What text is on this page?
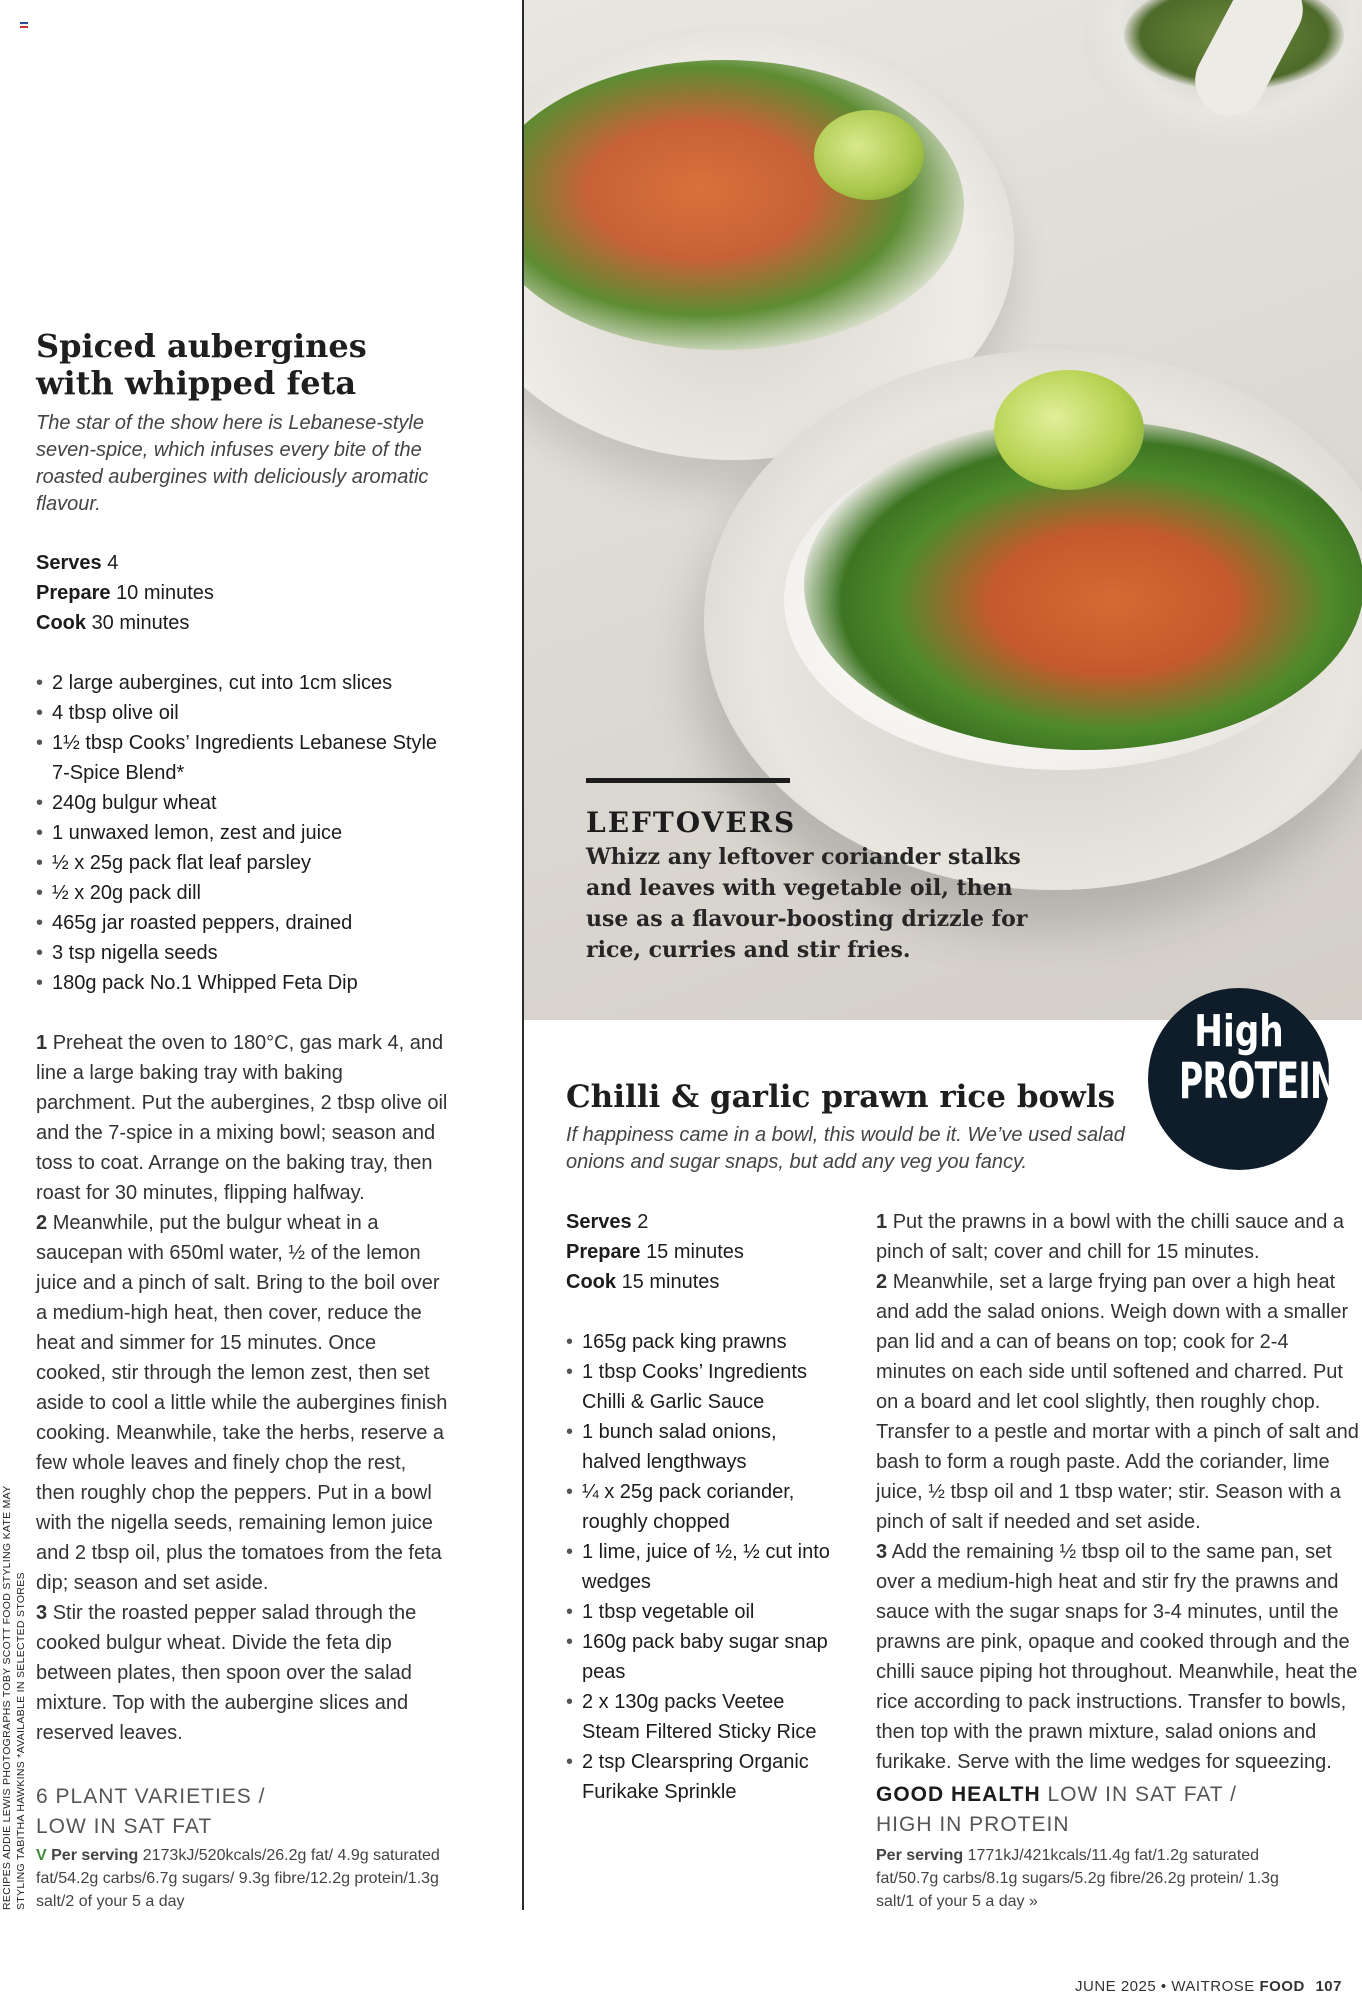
LEFTOVERS
Whizz any leftover coriander stalks and leaves with vegetable oil, then use as a flavour-boosting drizzle for rice, curries and stir fries.
Spiced aubergines
with whipped feta
The star of the show here is Lebanese-style seven-spice, which infuses every bite of the roasted aubergines with deliciously aromatic flavour.
Serves 4
Prepare 10 minutes
Cook 30 minutes
• 2 large aubergines, cut into 1cm slices
• 4 tbsp olive oil
• 1½ tbsp Cooks’ Ingredients Lebanese Style 7-Spice Blend*
• 240g bulgur wheat
• 1 unwaxed lemon, zest and juice
• ½ x 25g pack flat leaf parsley
• ½ x 20g pack dill
• 465g jar roasted peppers, drained
• 3 tsp nigella seeds
• 180g pack No.1 Whipped Feta Dip

1 Preheat the oven to 180°C, gas mark 4, and line a large baking tray with baking parchment. Put the aubergines, 2 tbsp olive oil and the 7-spice in a mixing bowl; season and toss to coat. Arrange on the baking tray, then roast for 30 minutes, flipping halfway.

2 Meanwhile, put the bulgur wheat in a saucepan with 650ml water, ½ of the lemon juice and a pinch of salt. Bring to the boil over a medium-high heat, then cover, reduce the heat and simmer for 15 minutes. Once cooked, stir through the lemon zest, then set aside to cool a little while the aubergines finish cooking. Meanwhile, take the herbs, reserve a few whole leaves and finely chop the rest, then roughly chop the peppers. Put in a bowl with the nigella seeds, remaining lemon juice and 2 tbsp oil, plus the tomatoes from the feta dip; season and set aside.

3 Stir the roasted pepper salad through the cooked bulgur wheat. Divide the feta dip between plates, then spoon over the salad mixture. Top with the aubergine slices and reserved leaves.

6 PLANT VARIETIES /
LOW IN SAT FAT
V Per serving 2173kJ/520kcals/26.2g fat/ 4.9g saturated fat/54.2g carbs/6.7g sugars/ 9.3g fibre/12.2g protein/1.3g salt/2 of your 5 a day
RECIPES ADDIE LEWIS PHOTOGRAPHS TOBY SCOTT FOOD STYLING KATE MAY STYLING TABITHA HAWKINS *AVAILABLE IN SELECTED STORES
High
PROTEIN
Chilli & garlic prawn rice bowls
If happiness came in a bowl, this would be it. We’ve used salad onions and sugar snaps, but add any veg you fancy.
Serves 2
Prepare 15 minutes
Cook 15 minutes
• 165g pack king prawns
• 1 tbsp Cooks’ Ingredients Chilli & Garlic Sauce
• 1 bunch salad onions, halved lengthways
• ¼ x 25g pack coriander, roughly chopped
• 1 lime, juice of ½, ½ cut into wedges
• 1 tbsp vegetable oil
• 160g pack baby sugar snap peas
• 2 x 130g packs Veetee Steam Filtered Sticky Rice
• 2 tsp Clearspring Organic Furikake Sprinkle

1 Put the prawns in a bowl with the chilli sauce and a pinch of salt; cover and chill for 15 minutes.

2 Meanwhile, set a large frying pan over a high heat and add the salad onions. Weigh down with a smaller pan lid and a can of beans on top; cook for 2-4 minutes on each side until softened and charred. Put on a board and let cool slightly, then roughly chop. Transfer to a pestle and mortar with a pinch of salt and bash to form a rough paste. Add the coriander, lime juice, ½ tbsp oil and 1 tbsp water; stir. Season with a pinch of salt if needed and set aside.

3 Add the remaining ½ tbsp oil to the same pan, set over a medium-high heat and stir fry the prawns and sauce with the sugar snaps for 3-4 minutes, until the prawns are pink, opaque and cooked through and the chilli sauce piping hot throughout. Meanwhile, heat the rice according to pack instructions. Transfer to bowls, then top with the prawn mixture, salad onions and furikake. Serve with the lime wedges for squeezing.

GOOD HEALTH LOW IN SAT FAT /
HIGH IN PROTEIN
Per serving 1771kJ/421kcals/11.4g fat/1.2g saturated fat/50.7g carbs/8.1g sugars/5.2g fibre/26.2g protein/ 1.3g salt/1 of your 5 a day »
JUNE 2025 • WAITROSE FOOD 107
